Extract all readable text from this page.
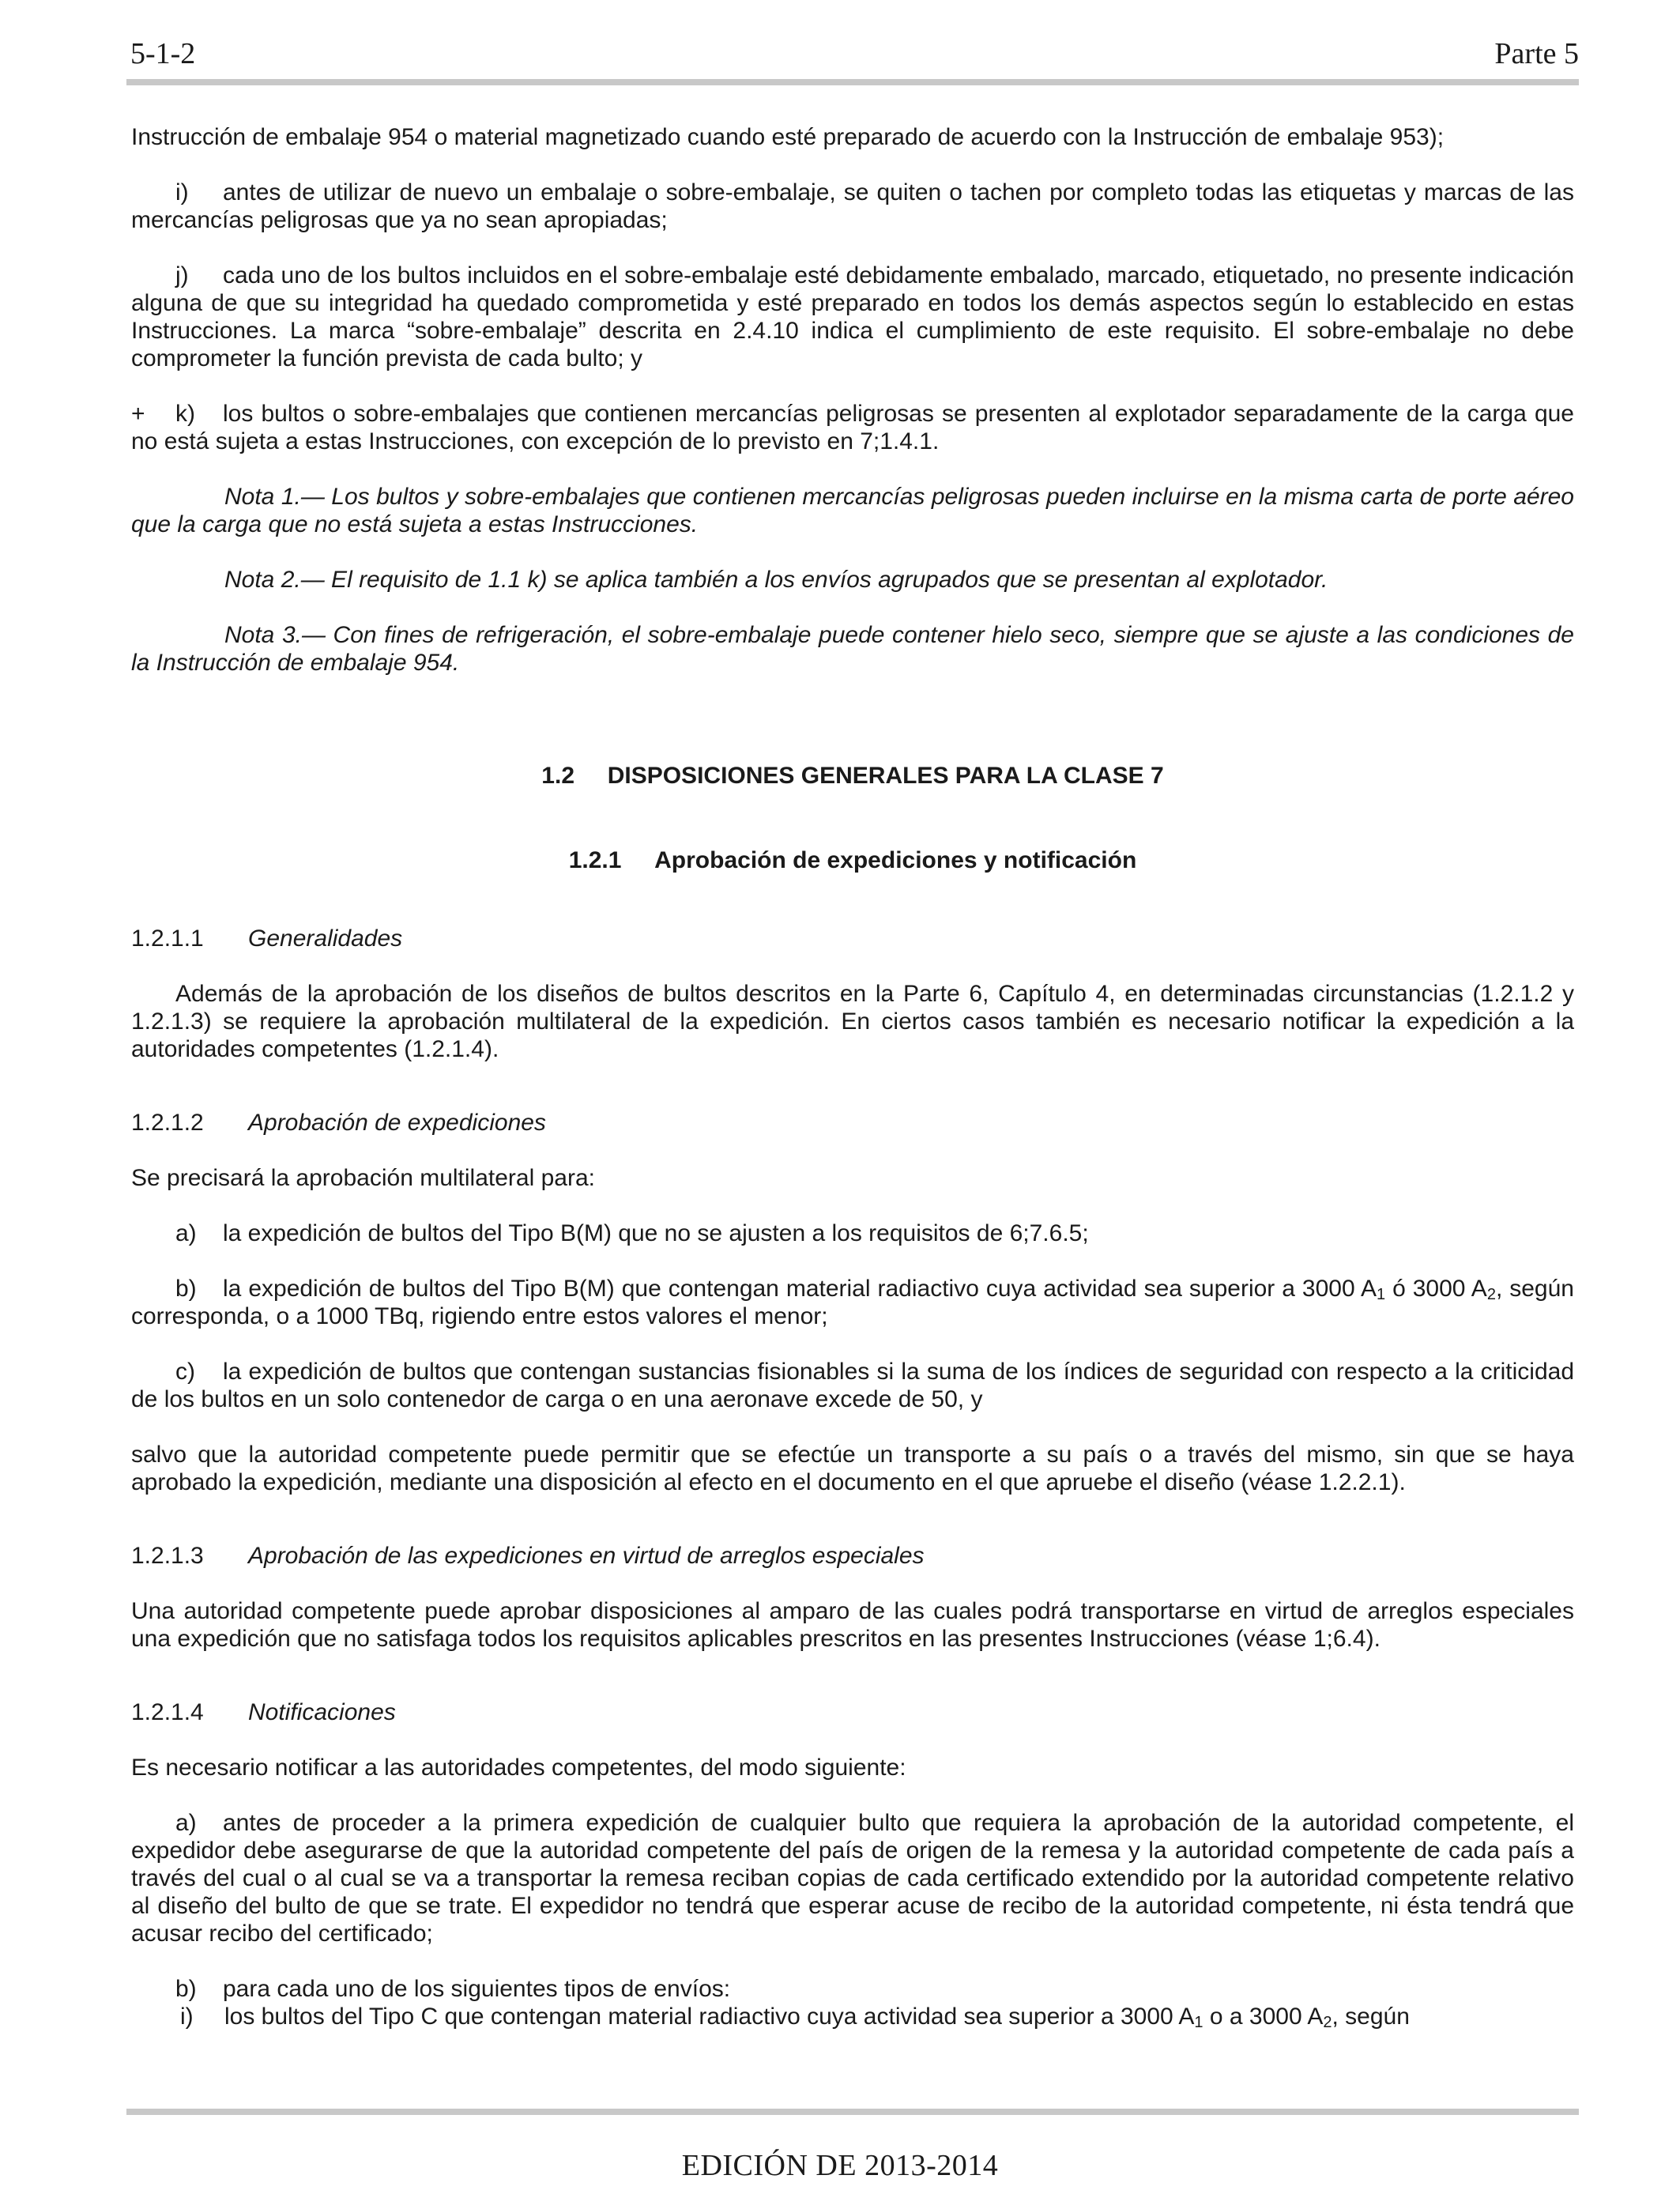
5-1-2	Parte 5

Instrucción de embalaje 954 o material magnetizado cuando esté preparado de acuerdo con la Instrucción de embalaje 953);

i) antes de utilizar de nuevo un embalaje o sobre-embalaje, se quiten o tachen por completo todas las etiquetas y marcas de las mercancías peligrosas que ya no sean apropiadas;

j) cada uno de los bultos incluidos en el sobre-embalaje esté debidamente embalado, marcado, etiquetado, no presente indicación alguna de que su integridad ha quedado comprometida y esté preparado en todos los demás aspectos según lo establecido en estas Instrucciones. La marca “sobre-embalaje” descrita en 2.4.10 indica el cumplimiento de este requisito. El sobre-embalaje no debe comprometer la función prevista de cada bulto; y

+ k) los bultos o sobre-embalajes que contienen mercancías peligrosas se presenten al explotador separadamente de la carga que no está sujeta a estas Instrucciones, con excepción de lo previsto en 7;1.4.1.

Nota 1.— Los bultos y sobre-embalajes que contienen mercancías peligrosas pueden incluirse en la misma carta de porte aéreo que la carga que no está sujeta a estas Instrucciones.

Nota 2.— El requisito de 1.1 k) se aplica también a los envíos agrupados que se presentan al explotador.

Nota 3.— Con fines de refrigeración, el sobre-embalaje puede contener hielo seco, siempre que se ajuste a las condiciones de la Instrucción de embalaje 954.

1.2 DISPOSICIONES GENERALES PARA LA CLASE 7

1.2.1 Aprobación de expediciones y notificación

1.2.1.1 Generalidades

Además de la aprobación de los diseños de bultos descritos en la Parte 6, Capítulo 4, en determinadas circunstancias (1.2.1.2 y 1.2.1.3) se requiere la aprobación multilateral de la expedición. En ciertos casos también es necesario notificar la expedición a la autoridades competentes (1.2.1.4).

1.2.1.2 Aprobación de expediciones

Se precisará la aprobación multilateral para:

a) la expedición de bultos del Tipo B(M) que no se ajusten a los requisitos de 6;7.6.5;

b) la expedición de bultos del Tipo B(M) que contengan material radiactivo cuya actividad sea superior a 3000 $A_1$ ó 3000 $A_2$, según corresponda, o a 1000 TBq, rigiendo entre estos valores el menor;

c) la expedición de bultos que contengan sustancias fisionables si la suma de los índices de seguridad con respecto a la criticidad de los bultos en un solo contenedor de carga o en una aeronave excede de 50, y

salvo que la autoridad competente puede permitir que se efectúe un transporte a su país o a través del mismo, sin que se haya aprobado la expedición, mediante una disposición al efecto en el documento en el que apruebe el diseño (véase 1.2.2.1).

1.2.1.3 Aprobación de las expediciones en virtud de arreglos especiales

Una autoridad competente puede aprobar disposiciones al amparo de las cuales podrá transportarse en virtud de arreglos especiales una expedición que no satisfaga todos los requisitos aplicables prescritos en las presentes Instrucciones (véase 1;6.4).

1.2.1.4 Notificaciones

Es necesario notificar a las autoridades competentes, del modo siguiente:

a) antes de proceder a la primera expedición de cualquier bulto que requiera la aprobación de la autoridad competente, el expedidor debe asegurarse de que la autoridad competente del país de origen de la remesa y la autoridad competente de cada país a través del cual o al cual se va a transportar la remesa reciban copias de cada certificado extendido por la autoridad competente relativo al diseño del bulto de que se trate. El expedidor no tendrá que esperar acuse de recibo de la autoridad competente, ni ésta tendrá que acusar recibo del certificado;

b) para cada uno de los siguientes tipos de envíos:

i) los bultos del Tipo C que contengan material radiactivo cuya actividad sea superior a 3000 $A_1$ o a 3000 $A_2$, según

EDICIÓN DE 2013-2014
